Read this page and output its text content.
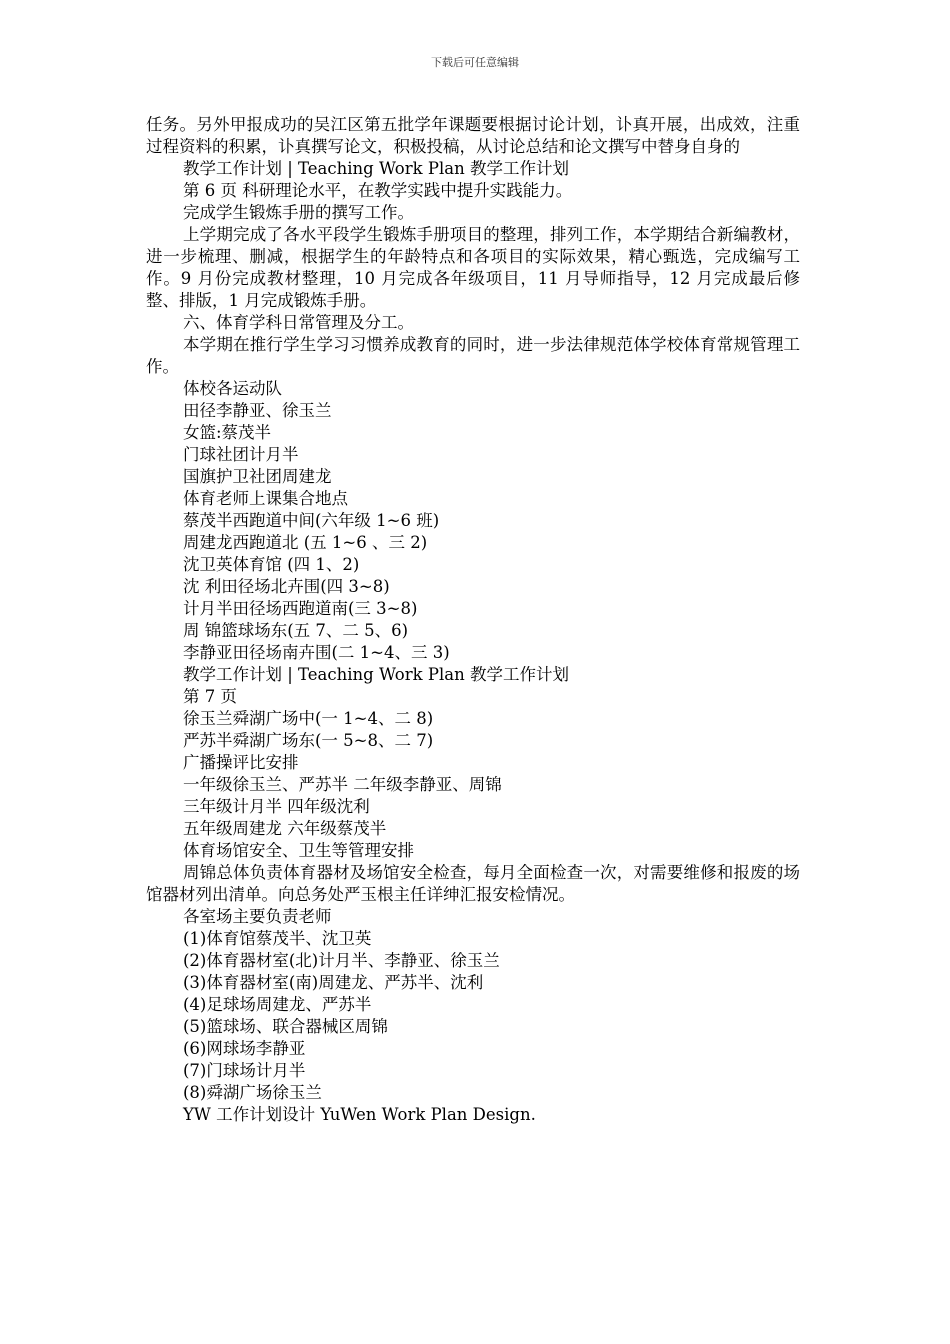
下载后可任意编辑

任务。另外甲报成功的吴江区第五批学年课题要根据讨论计划，讣真开展，出成效，注重过程资料的积累，讣真撰写论文，积极投稿，从讨论总结和论文撰写中替身自身的

教学工作计划 | Teaching Work Plan 教学工作计划

第 6 页 科研理论水平，在教学实践中提升实践能力。

完成学生锻炼手册的撰写工作。

上学期完成了各水平段学生锻炼手册项目的整理，排列工作，本学期结合新编教材，进一步梳理、删减，根据学生的年龄特点和各项目的实际效果，精心甄选，完成编写工作。9 月份完成教材整理，10 月完成各年级项目，11 月导师指导，12 月完成最后修整、排版，1 月完成锻炼手册。

六、体育学科日常管理及分工。

本学期在推行学生学习习惯养成教育的同时，进一步法律规范体学校体育常规管理工作。

体校各运动队

田径李静亚、徐玉兰

女篮:蔡茂半

门球社团计月半

国旗护卫社团周建龙

体育老师上课集合地点

蔡茂半西跑道中间(六年级 1~6 班)

周建龙西跑道北 (五 1~6 、三 2)

沈卫英体育馆 (四 1、2)

沈 利田径场北卉围(四 3~8)

计月半田径场西跑道南(三 3~8)

周 锦篮球场东(五 7、二 5、6)

李静亚田径场南卉围(二 1~4、三 3)

教学工作计划 | Teaching Work Plan 教学工作计划

第 7 页

徐玉兰舜湖广场中(一 1~4、二 8)

严苏半舜湖广场东(一 5~8、二 7)

广播操评比安排

一年级徐玉兰、严苏半 二年级李静亚、周锦

三年级计月半 四年级沈利

五年级周建龙 六年级蔡茂半

体育场馆安全、卫生等管理安排

周锦总体负责体育器材及场馆安全检查，每月全面检查一次，对需要维修和报废的场馆器材列出清单。向总务处严玉根主任详绅汇报安检情况。

各室场主要负责老师

(1)体育馆蔡茂半、沈卫英

(2)体育器材室(北)计月半、李静亚、徐玉兰

(3)体育器材室(南)周建龙、严苏半、沈利

(4)足球场周建龙、严苏半

(5)篮球场、联合器械区周锦

(6)网球场李静亚

(7)门球场计月半

(8)舜湖广场徐玉兰

YW 工作计划设计 YuWen Work Plan Design.
